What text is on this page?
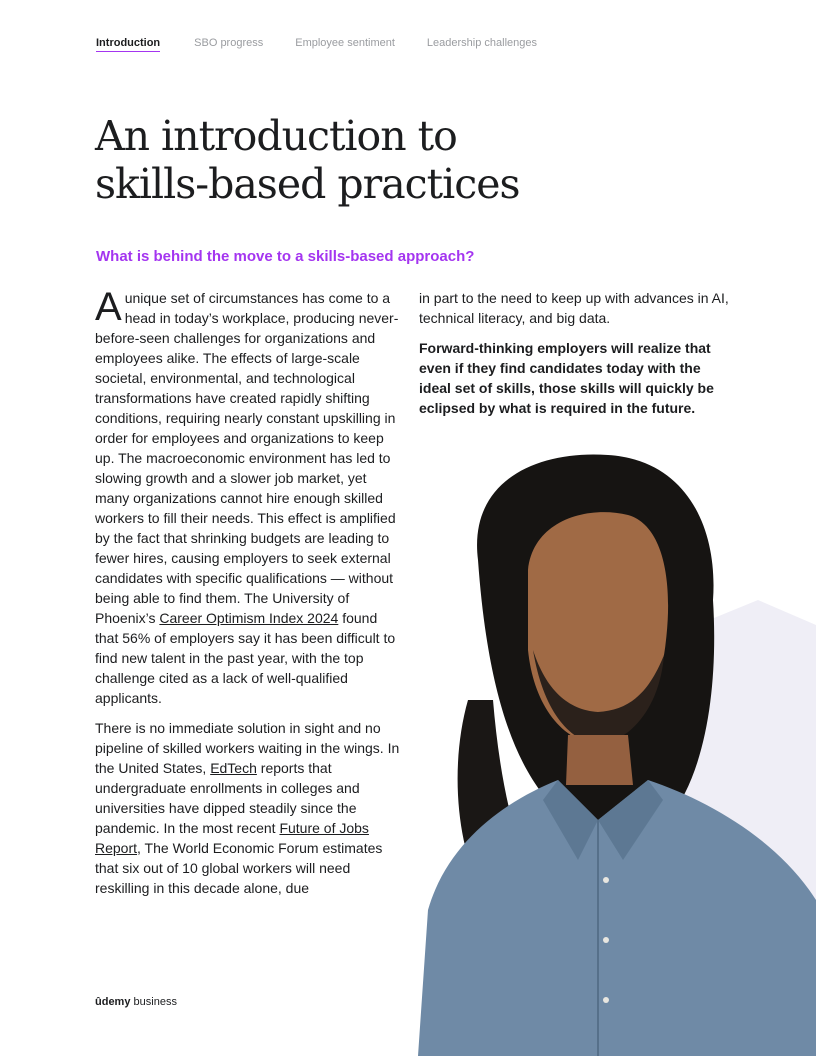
Introduction	SBO progress	Employee sentiment	Leadership challenges
An introduction to
skills-based practices
What is behind the move to a skills-based approach?

A unique set of circumstances has come to a head in today’s workplace, producing never-before-seen challenges for organizations and employees alike. The effects of large-scale societal, environmental, and technological transformations have created rapidly shifting conditions, requiring nearly constant upskilling in order for employees and organizations to keep up. The macroeconomic environment has led to slowing growth and a slower job market, yet many organizations cannot hire enough skilled workers to fill their needs. This effect is amplified by the fact that shrinking budgets are leading to fewer hires, causing employers to seek external candidates with specific qualifications — without being able to find them. The University of Phoenix’s Career Optimism Index 2024 found that 56% of employers say it has been difficult to find new talent in the past year, with the top challenge cited as a lack of well-qualified applicants.

There is no immediate solution in sight and no pipeline of skilled workers waiting in the wings. In the United States, EdTech reports that undergraduate enrollments in colleges and universities have dipped steadily since the pandemic. In the most recent Future of Jobs Report, The World Economic Forum estimates that six out of 10 global workers will need reskilling in this decade alone, due

in part to the need to keep up with advances in AI, technical literacy, and big data.

Forward-thinking employers will realize that even if they find candidates today with the ideal set of skills, those skills will quickly be eclipsed by what is required in the future.

ûdemy business
